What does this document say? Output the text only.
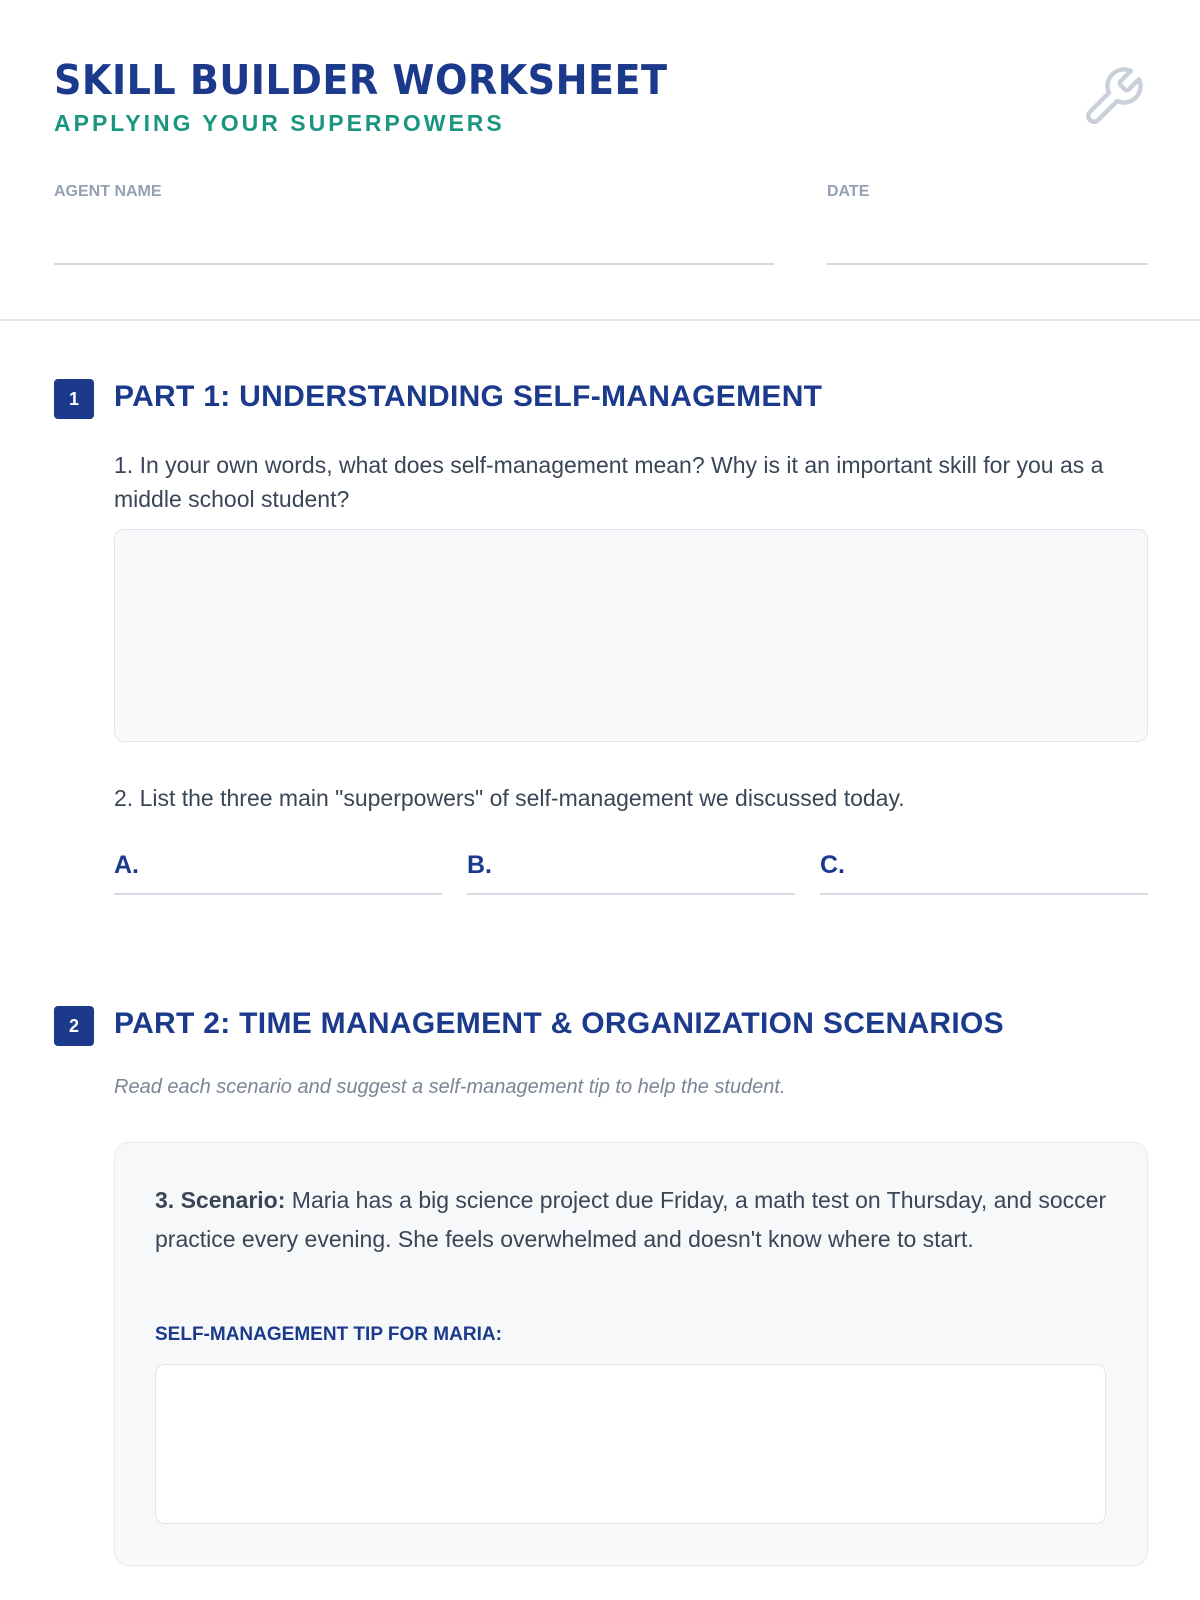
SKILL BUILDER WORKSHEET
APPLYING YOUR SUPERPOWERS
AGENT NAME	DATE
1	PART 1: UNDERSTANDING SELF-MANAGEMENT
1. In your own words, what does self-management mean? Why is it an important skill for you as a middle school student?
2. List the three main "superpowers" of self-management we discussed today.
A.	B.	C.
2	PART 2: TIME MANAGEMENT & ORGANIZATION SCENARIOS
Read each scenario and suggest a self-management tip to help the student.
3. Scenario: Maria has a big science project due Friday, a math test on Thursday, and soccer practice every evening. She feels overwhelmed and doesn't know where to start.
SELF-MANAGEMENT TIP FOR MARIA:
